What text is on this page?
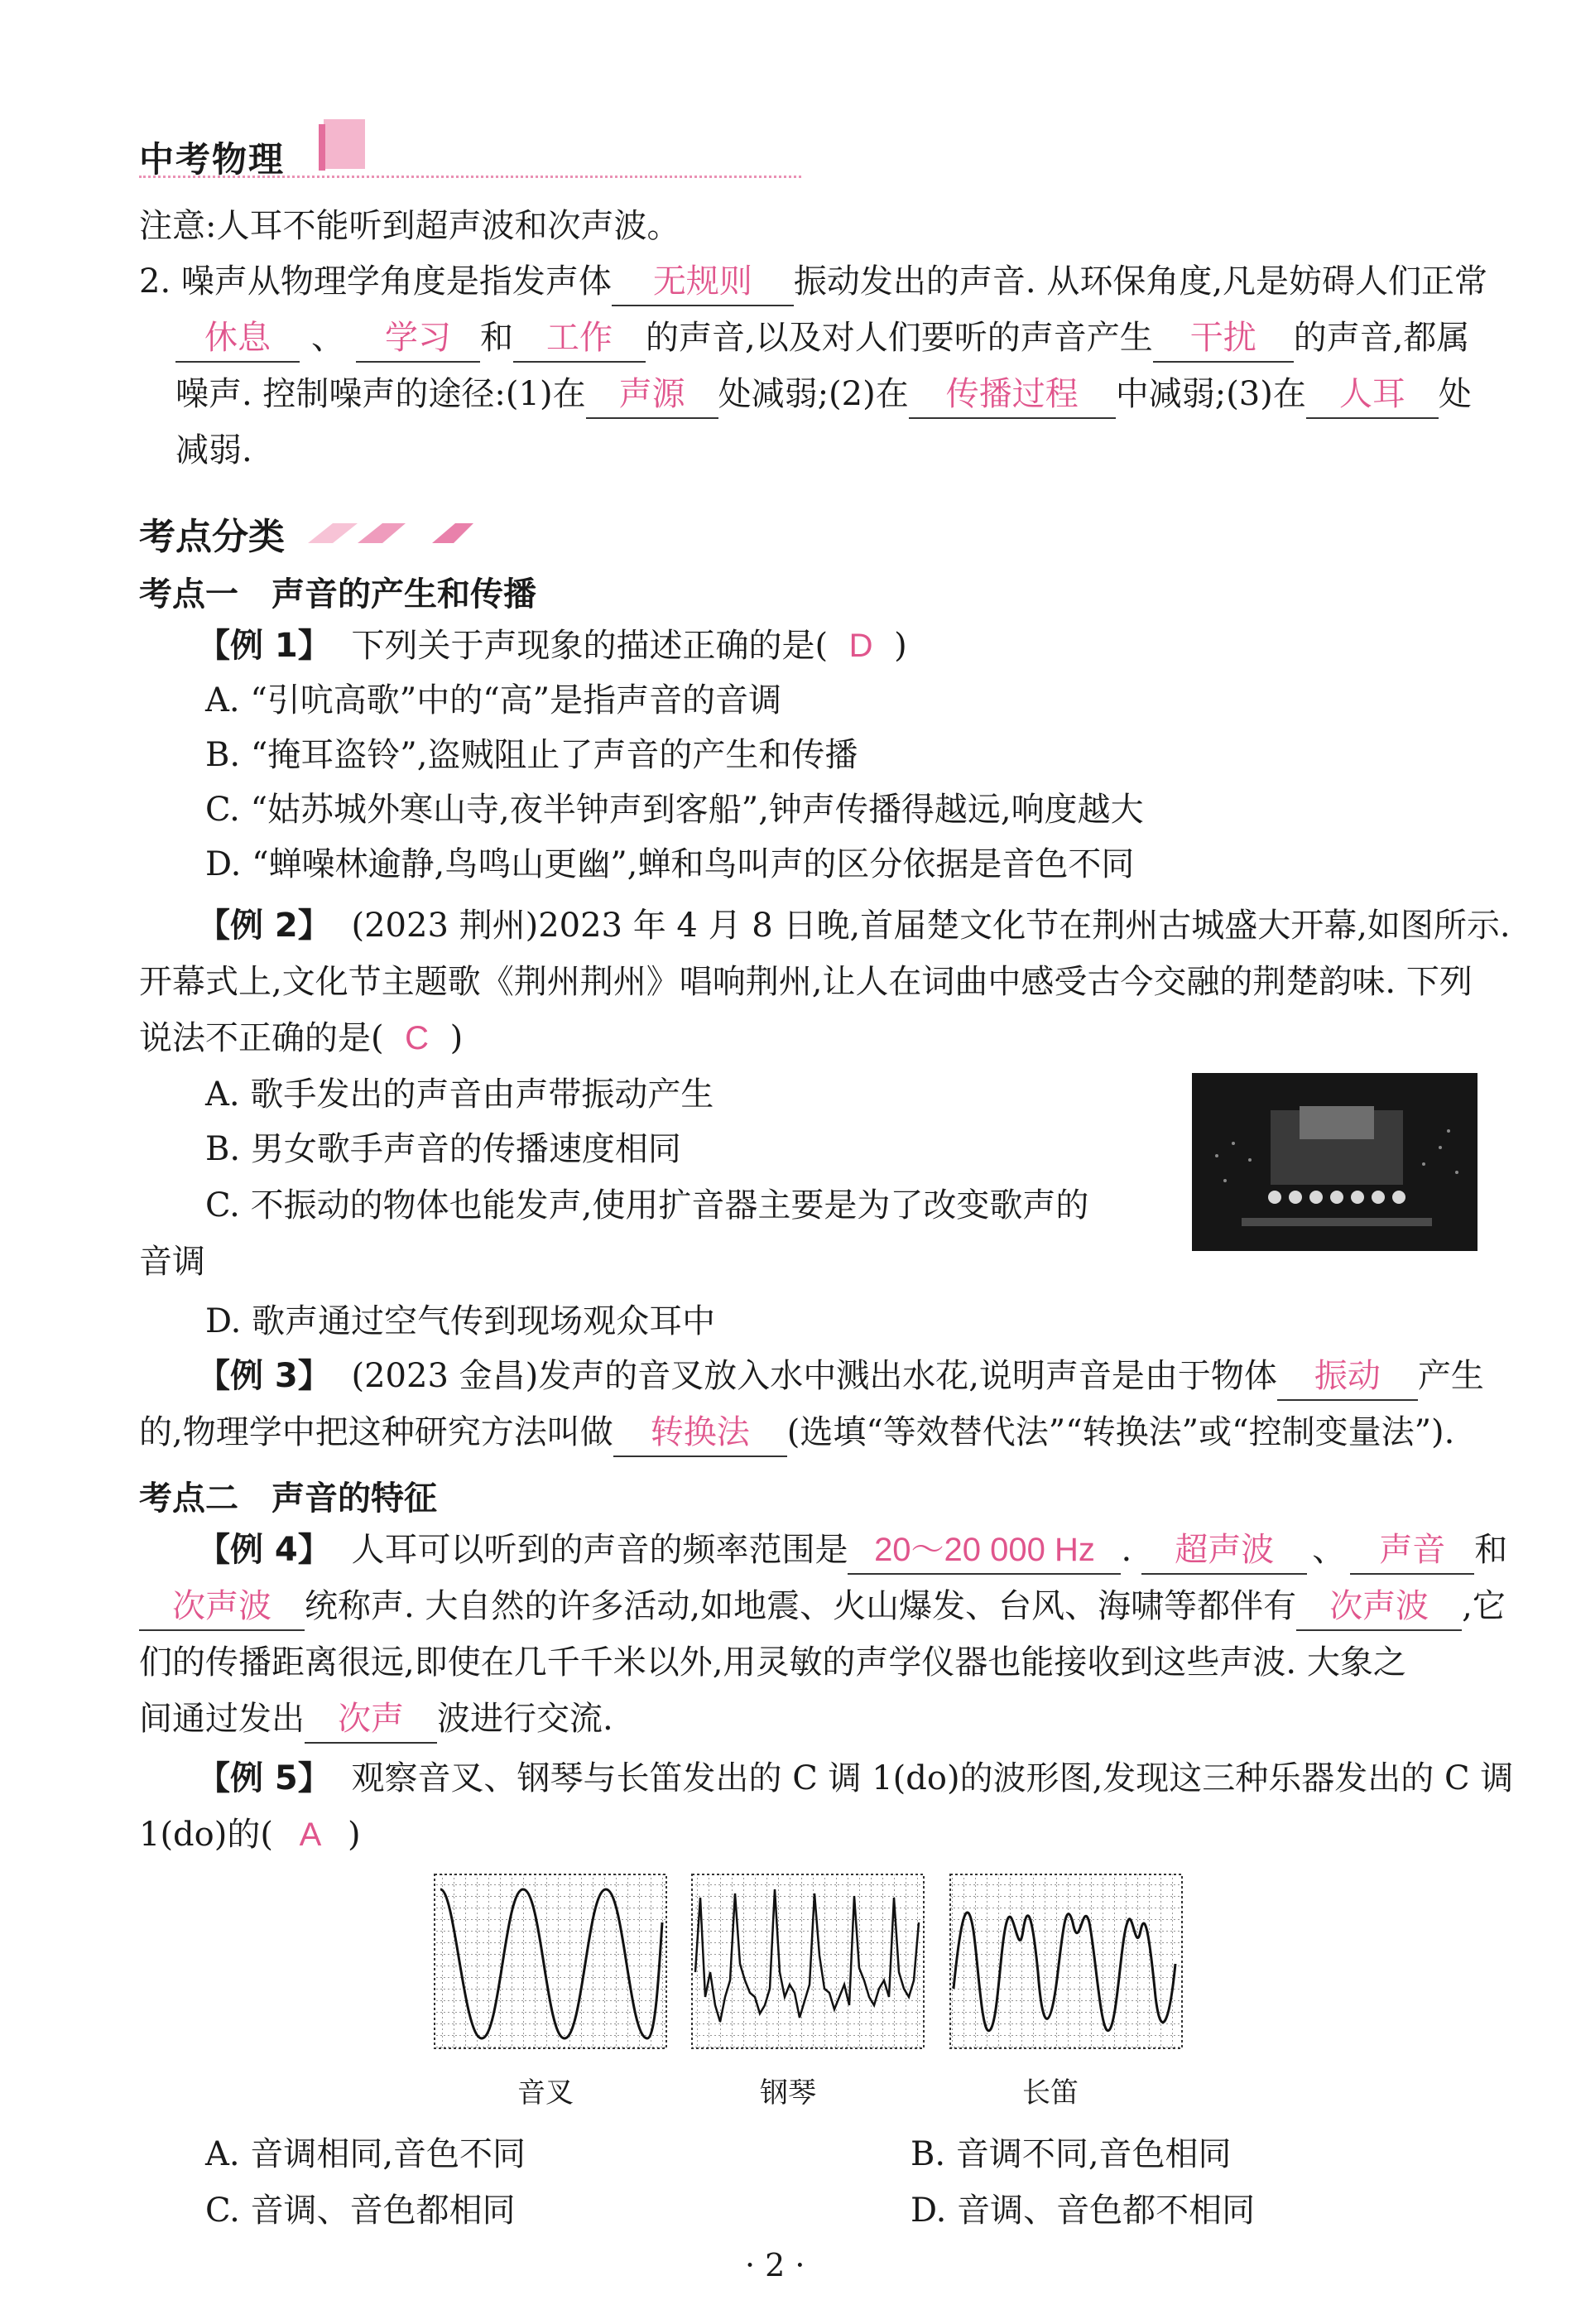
中考物理
注意:人耳不能听到超声波和次声波。
2. 噪声从物理学角度是指发声体 无规则 振动发出的声音. 从环保角度,凡是妨碍人们正常
休息 、 学习 和 工作 的声音,以及对人们要听的声音产生 干扰 的声音,都属
噪声. 控制噪声的途径:(1)在 声源 处减弱;(2)在 传播过程 中减弱;(3)在 人耳 处
减弱.
考点分类
考点一　声音的产生和传播
【例 1】 下列关于声现象的描述正确的是( D )
A. “引吭高歌”中的“高”是指声音的音调
B. “掩耳盗铃”,盗贼阻止了声音的产生和传播
C. “姑苏城外寒山寺,夜半钟声到客船”,钟声传播得越远,响度越大
D. “蝉噪林逾静,鸟鸣山更幽”,蝉和鸟叫声的区分依据是音色不同
【例 2】 (2023 荆州)2023 年 4 月 8 日晚,首届楚文化节在荆州古城盛大开幕,如图所示.
开幕式上,文化节主题歌《荆州荆州》唱响荆州,让人在词曲中感受古今交融的荆楚韵味. 下列
说法不正确的是( C )
A. 歌手发出的声音由声带振动产生
B. 男女歌手声音的传播速度相同
C. 不振动的物体也能发声,使用扩音器主要是为了改变歌声的
音调
D. 歌声通过空气传到现场观众耳中
【例 3】 (2023 金昌)发声的音叉放入水中溅出水花,说明声音是由于物体 振动 产生
的,物理学中把这种研究方法叫做 转换法 (选填“等效替代法”“转换法”或“控制变量法”).
考点二　声音的特征
【例 4】 人耳可以听到的声音的频率范围是 20～20 000 Hz . 超声波 、 声音 和
次声波 统称声. 大自然的许多活动,如地震、火山爆发、台风、海啸等都伴有 次声波 ,它
们的传播距离很远,即使在几千千米以外,用灵敏的声学仪器也能接收到这些声波. 大象之
间通过发出 次声 波进行交流.
【例 5】 观察音叉、钢琴与长笛发出的 C 调 1(do)的波形图,发现这三种乐器发出的 C 调
1(do)的( A )
音叉	钢琴	长笛
A. 音调相同,音色不同	B. 音调不同,音色相同
C. 音调、音色都相同	D. 音调、音色都不相同
· 2 ·
